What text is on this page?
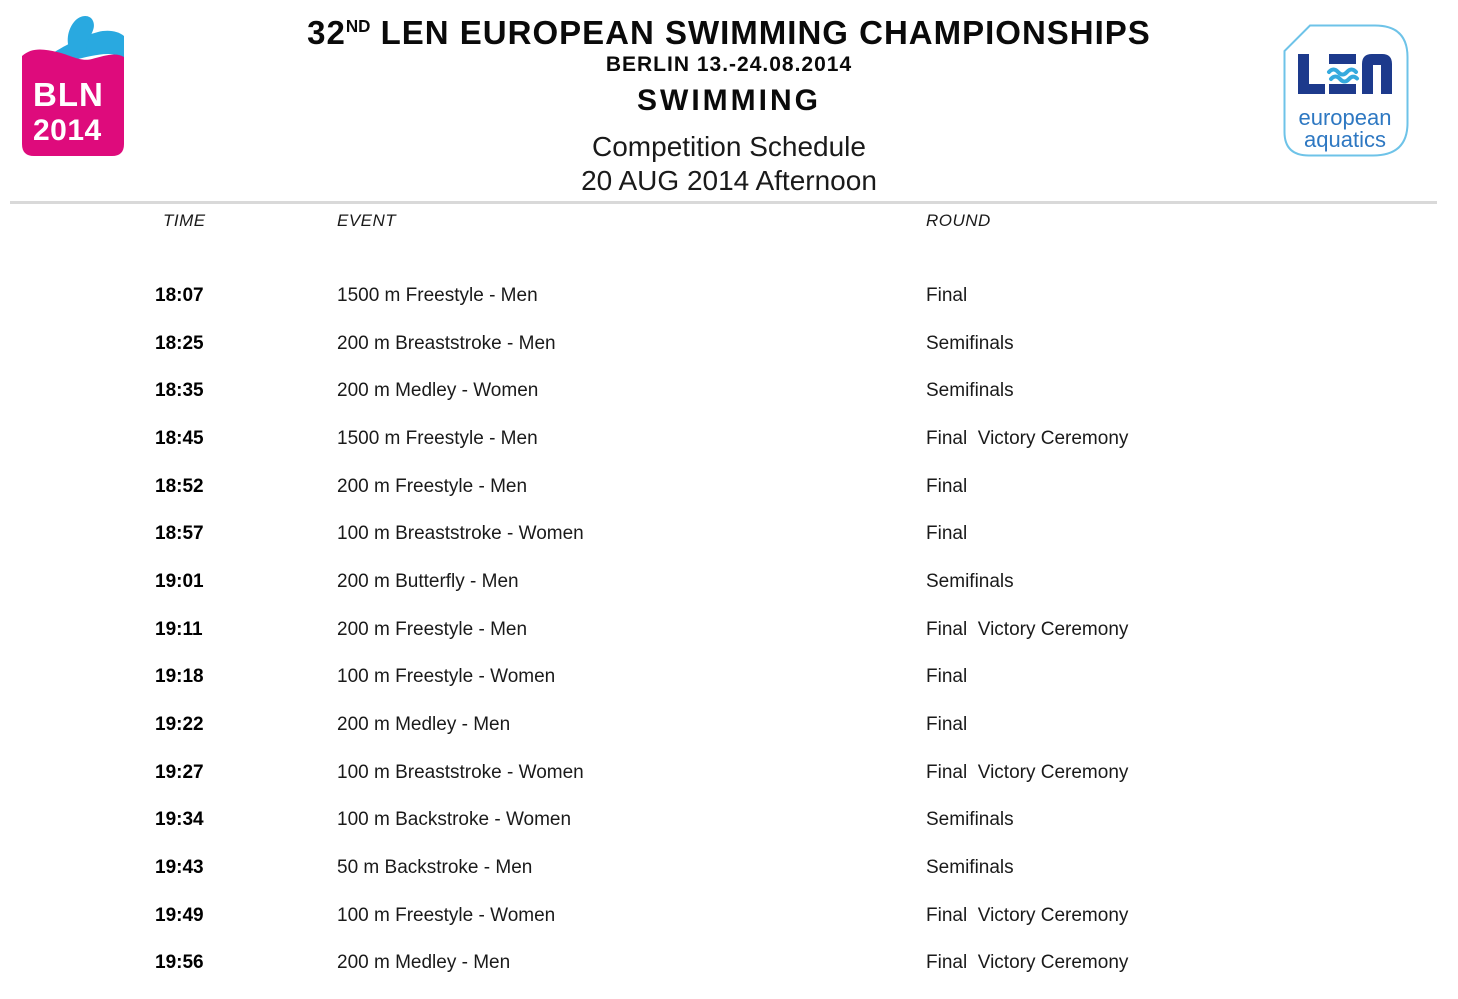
BLN
2014
32ND LEN EUROPEAN SWIMMING CHAMPIONSHIPS
BERLIN 13.-24.08.2014
SWIMMING
Competition Schedule
20 AUG 2014 Afternoon
european
aquatics
TIME	EVENT	ROUND
18:07	1500 m Freestyle - Men	Final
18:25	200 m Breaststroke - Men	Semifinals
18:35	200 m Medley - Women	Semifinals
18:45	1500 m Freestyle - Men	Final  Victory Ceremony
18:52	200 m Freestyle - Men	Final
18:57	100 m Breaststroke - Women	Final
19:01	200 m Butterfly - Men	Semifinals
19:11	200 m Freestyle - Men	Final  Victory Ceremony
19:18	100 m Freestyle - Women	Final
19:22	200 m Medley - Men	Final
19:27	100 m Breaststroke - Women	Final  Victory Ceremony
19:34	100 m Backstroke - Women	Semifinals
19:43	50 m Backstroke - Men	Semifinals
19:49	100 m Freestyle - Women	Final  Victory Ceremony
19:56	200 m Medley - Men	Final  Victory Ceremony
